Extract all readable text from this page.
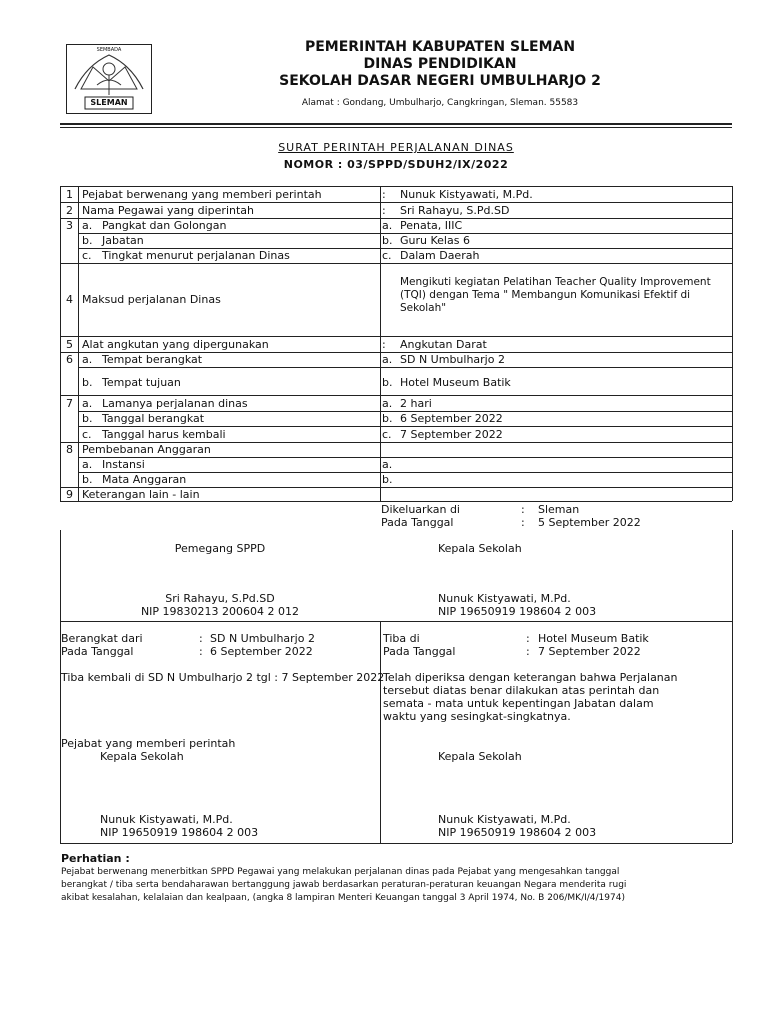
SEMBADA
SLEMAN
PEMERINTAH KABUPATEN SLEMAN
DINAS PENDIDIKAN
SEKOLAH DASAR NEGERI UMBULHARJO 2
Alamat : Gondang, Umbulharjo, Cangkringan, Sleman. 55583
SURAT PERINTAH PERJALANAN DINAS
NOMOR : 03/SPPD/SDUH2/IX/2022
1 Pejabat berwenang yang memberi perintah	: Nunuk Kistyawati, M.Pd.
2 Nama Pegawai yang diperintah	: Sri Rahayu, S.Pd.SD
3 a. Pangkat dan Golongan	a. Penata, IIIC
b. Jabatan	b. Guru Kelas 6
c. Tingkat menurut perjalanan Dinas	c. Dalam Daerah
4 Maksud perjalanan Dinas
Mengikuti kegiatan Pelatihan Teacher Quality Improvement
(TQI) dengan Tema " Membangun Komunikasi Efektif di
Sekolah"
5 Alat angkutan yang dipergunakan	: Angkutan Darat
6 a. Tempat berangkat	a. SD N Umbulharjo 2
b. Tempat tujuan	b. Hotel Museum Batik
7 a. Lamanya perjalanan dinas	a. 2 hari
b. Tanggal berangkat	b. 6 September 2022
c. Tanggal harus kembali	c. 7 September 2022
8 Pembebanan Anggaran
a. Instansi	a.
b. Mata Anggaran	b.
9 Keterangan lain - lain
Dikeluarkan di	: Sleman
Pada Tanggal	: 5 September 2022
Pemegang SPPD
Sri Rahayu, S.Pd.SD
NIP 19830213 200604 2 012
Kepala Sekolah
Nunuk Kistyawati, M.Pd.
NIP 19650919 198604 2 003
Berangkat dari	: SD N Umbulharjo 2
Pada Tanggal	: 6 September 2022
Tiba di	: Hotel Museum Batik
Pada Tanggal	: 7 September 2022
Tiba kembali di SD N Umbulharjo 2 tgl : 7 September 2022
Telah diperiksa dengan keterangan bahwa Perjalanan
tersebut diatas benar dilakukan atas perintah dan
semata - mata untuk kepentingan Jabatan dalam
waktu yang sesingkat-singkatnya.
Pejabat yang memberi perintah
Kepala Sekolah
Nunuk Kistyawati, M.Pd.
NIP 19650919 198604 2 003
Kepala Sekolah
Nunuk Kistyawati, M.Pd.
NIP 19650919 198604 2 003
Perhatian :
Pejabat berwenang menerbitkan SPPD Pegawai yang melakukan perjalanan dinas pada Pejabat yang mengesahkan tanggal
berangkat / tiba serta bendaharawan bertanggung jawab berdasarkan peraturan-peraturan keuangan Negara menderita rugi
akibat kesalahan, kelalaian dan kealpaan, (angka 8 lampiran Menteri Keuangan tanggal 3 April 1974, No. B 206/MK/I/4/1974)
